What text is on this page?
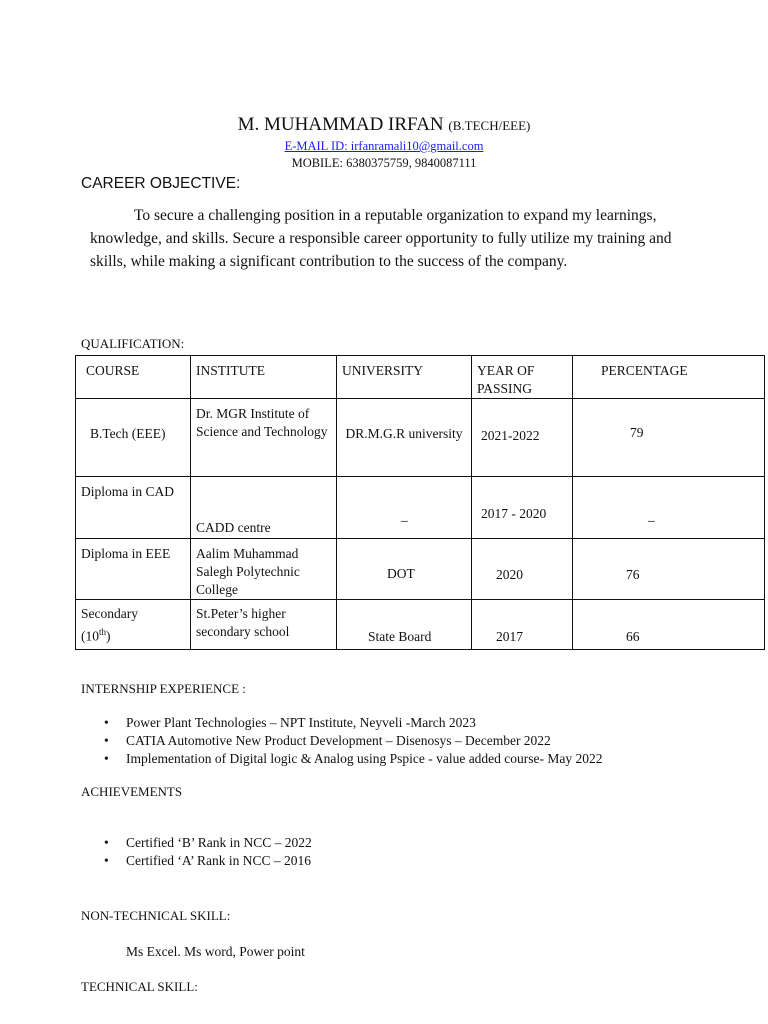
M. MUHAMMAD IRFAN (B.TECH/EEE)
E-MAIL ID: irfanramali10@gmail.com
MOBILE: 6380375759, 9840087111
CAREER OBJECTIVE:
To secure a challenging position in a reputable organization to expand my learnings, knowledge, and skills. Secure a responsible career opportunity to fully utilize my training and skills, while making a significant contribution to the success of the company.
QUALIFICATION:
COURSE	INSTITUTE	UNIVERSITY	YEAR OF PASSING	PERCENTAGE

B.Tech (EEE)	Dr. MGR Institute of Science and Technology	DR.M.G.R university	2021-2022	79

Diploma in CAD	CADD centre	_	2017 - 2020	_

Diploma in EEE	Aalim Muhammad Salegh Polytechnic College	DOT	2020	76

Secondary
(10th)	St.Peter’s higher secondary school	State Board	2017	66
INTERNSHIP EXPERIENCE :
• Power Plant Technologies – NPT Institute, Neyveli -March 2023
• CATIA Automotive New Product Development – Disenosys – December 2022
• Implementation of Digital logic & Analog using Pspice - value added course- May 2022
ACHIEVEMENTS
• Certified ‘B’ Rank in NCC – 2022
• Certified ‘A’ Rank in NCC – 2016
NON-TECHNICAL SKILL:
Ms Excel. Ms word, Power point
TECHNICAL SKILL:
